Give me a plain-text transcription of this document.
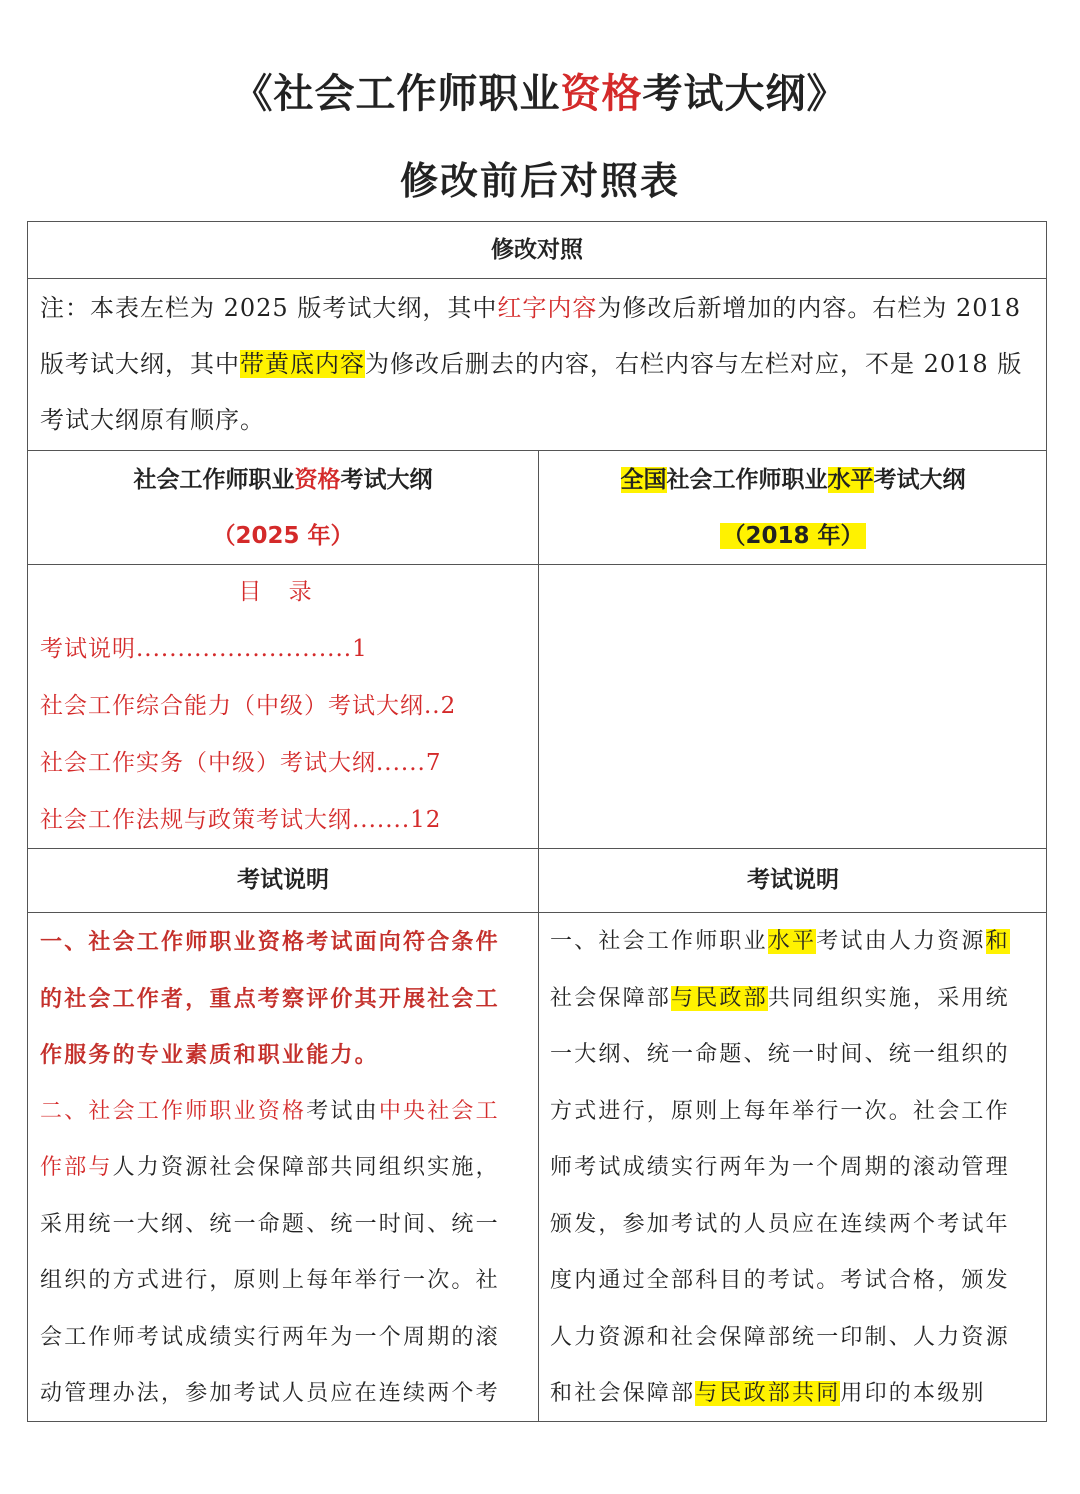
《社会工作师职业资格考试大纲》
修改前后对照表
修改对照
注：本表左栏为 2025 版考试大纲，其中红字内容为修改后新增加的内容。右栏为 2018 版考试大纲，其中带黄底内容为修改后删去的内容，右栏内容与左栏对应，不是 2018 版考试大纲原有顺序。
社会工作师职业资格考试大纲
（2025 年）
全国社会工作师职业水平考试大纲
（2018 年）
目 录
考试说明..........................1
社会工作综合能力（中级）考试大纲..2
社会工作实务（中级）考试大纲......7
社会工作法规与政策考试大纲.......12
考试说明	考试说明
一、社会工作师职业资格考试面向符合条件
的社会工作者，重点考察评价其开展社会工
作服务的专业素质和职业能力。
二、社会工作师职业资格考试由中央社会工
作部与人力资源社会保障部共同组织实施，
采用统一大纲、统一命题、统一时间、统一
组织的方式进行，原则上每年举行一次。社
会工作师考试成绩实行两年为一个周期的滚
动管理办法，参加考试人员应在连续两个考
一、社会工作师职业水平考试由人力资源和
社会保障部与民政部共同组织实施，采用统
一大纲、统一命题、统一时间、统一组织的
方式进行，原则上每年举行一次。社会工作
师考试成绩实行两年为一个周期的滚动管理
颁发，参加考试的人员应在连续两个考试年
度内通过全部科目的考试。考试合格，颁发
人力资源和社会保障部统一印制、人力资源
和社会保障部与民政部共同用印的本级别
